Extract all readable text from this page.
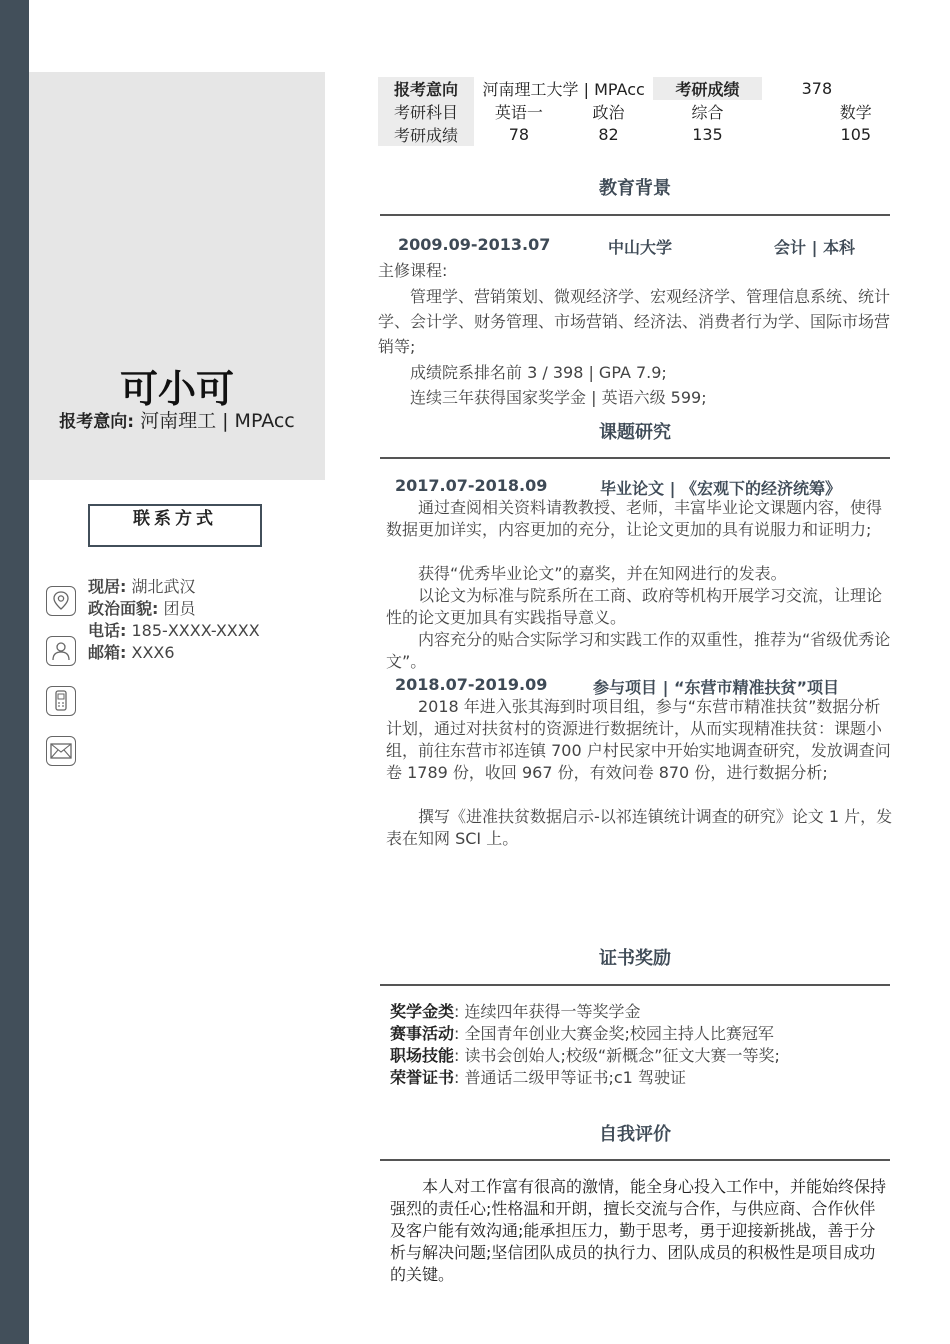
可小可
报考意向: 河南理工 | MPAcc
联系方式
现居: 湖北武汉
政治面貌: 团员
电话: 185-XXXX-XXXX
邮箱: XXX6
报考意向	河南理工大学 | MPAcc		考研成绩	378
考研科目	英语一	政治	综合	数学
考研成绩	78	82	135	105
教育背景
2009.09-2013.07	中山大学	会计 | 本科
主修课程:
管理学、营销策划、微观经济学、宏观经济学、管理信息系统、统计学、会计学、财务管理、市场营销、经济法、消费者行为学、国际市场营销等;
成绩院系排名前 3 / 398 | GPA 7.9;
连续三年获得国家奖学金 | 英语六级 599;
课题研究
2017.07-2018.09	毕业论文 | 《宏观下的经济统筹》
通过查阅相关资料请教教授、老师，丰富毕业论文课题内容，使得数据更加详实，内容更加的充分，让论文更加的具有说服力和证明力;
获得“优秀毕业论文”的嘉奖，并在知网进行的发表。
以论文为标准与院系所在工商、政府等机构开展学习交流，让理论性的论文更加具有实践指导意义。
内容充分的贴合实际学习和实践工作的双重性，推荐为“省级优秀论文”。
2018.07-2019.09	参与项目 | “东营市精准扶贫”项目
2018 年进入张其海到时项目组，参与“东营市精准扶贫”数据分析计划，通过对扶贫村的资源进行数据统计，从而实现精准扶贫：课题小组，前往东营市祁连镇 700 户村民家中开始实地调查研究，发放调查问卷 1789 份，收回 967 份，有效问卷 870 份，进行数据分析;
撰写《进准扶贫数据启示-以祁连镇统计调查的研究》论文 1 片，发表在知网 SCI 上。
证书奖励
奖学金类: 连续四年获得一等奖学金
赛事活动: 全国青年创业大赛金奖;校园主持人比赛冠军
职场技能: 读书会创始人;校级“新概念”征文大赛一等奖;
荣誉证书: 普通话二级甲等证书;c1 驾驶证
自我评价
本人对工作富有很高的激情，能全身心投入工作中，并能始终保持强烈的责任心;性格温和开朗，擅长交流与合作，与供应商、合作伙伴及客户能有效沟通;能承担压力，勤于思考，勇于迎接新挑战，善于分析与解决问题;坚信团队成员的执行力、团队成员的积极性是项目成功的关键。
